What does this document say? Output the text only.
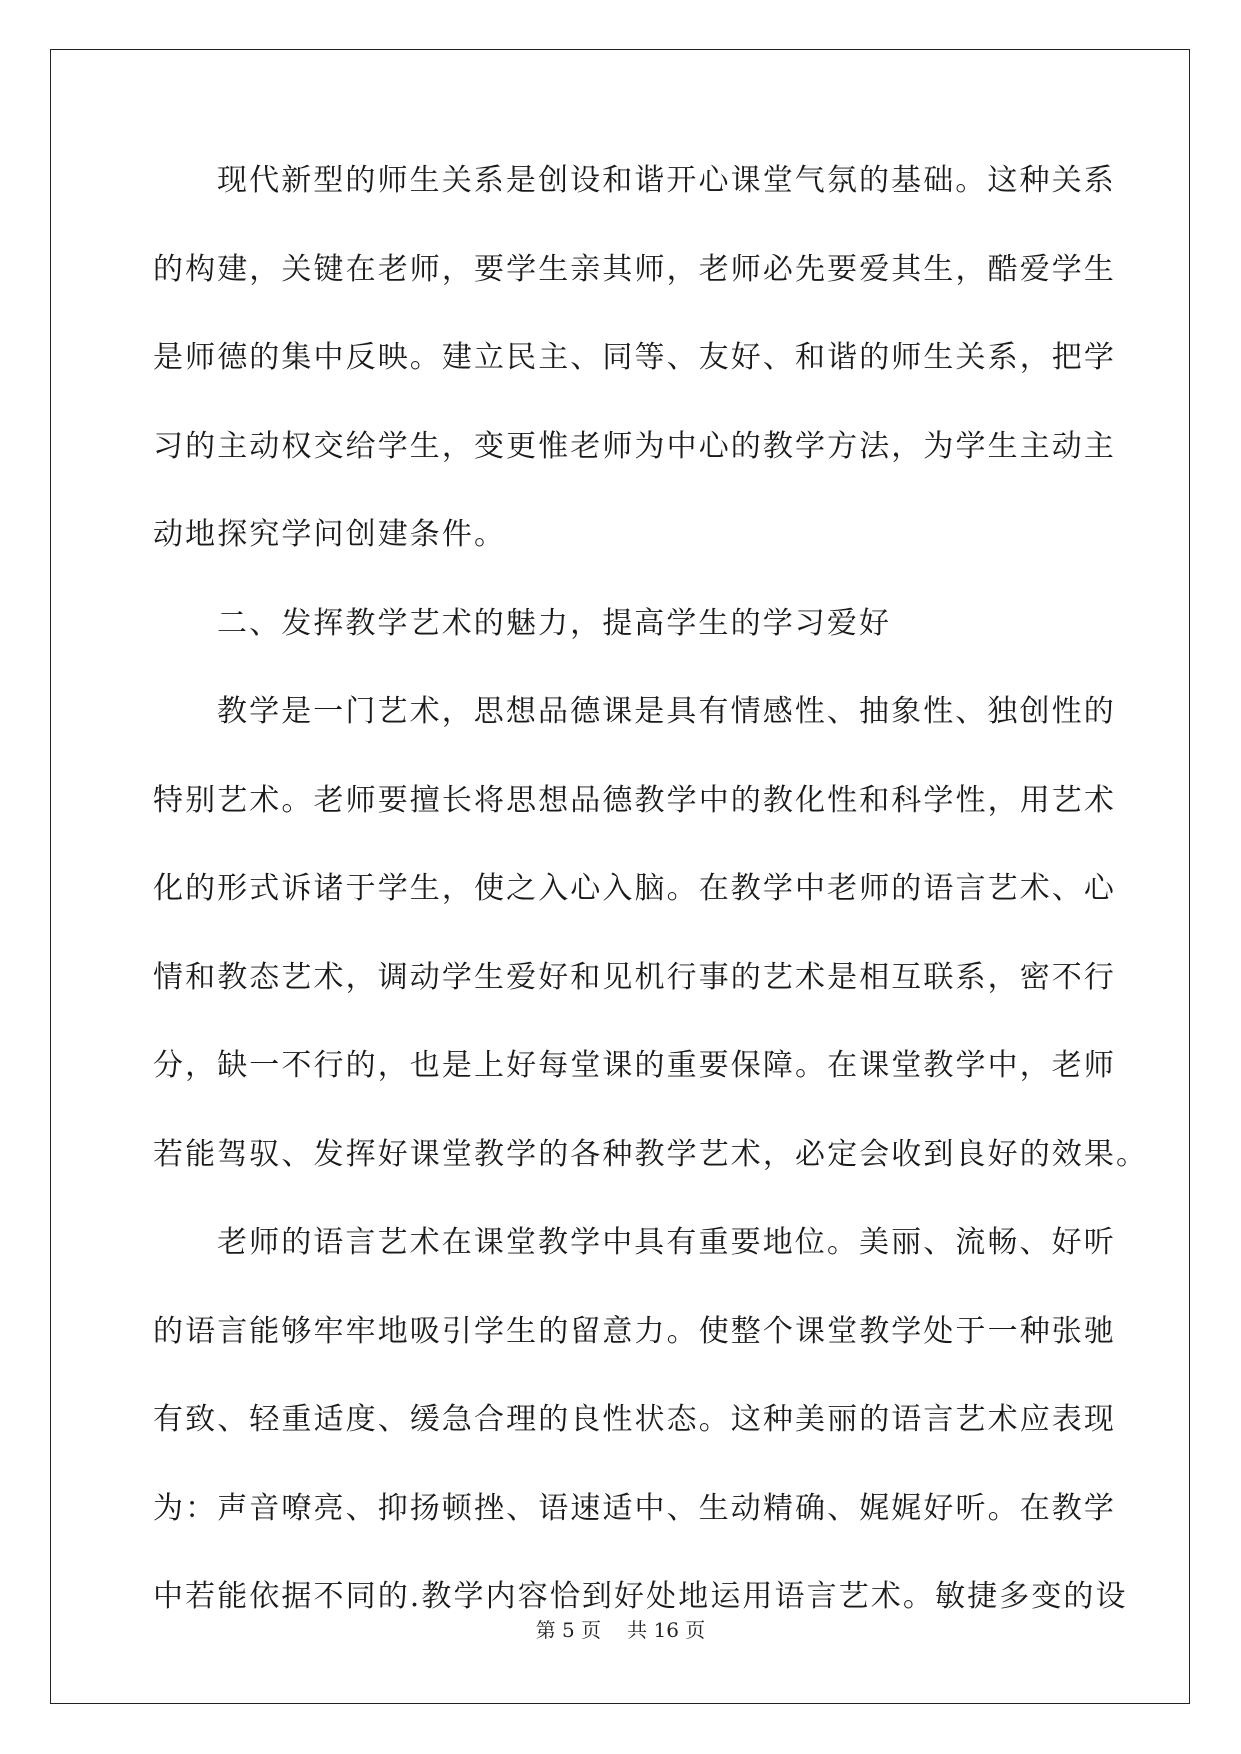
现代新型的师生关系是创设和谐开心课堂气氛的基础。这种关系
的构建，关键在老师，要学生亲其师，老师必先要爱其生，酷爱学生
是师德的集中反映。建立民主、同等、友好、和谐的师生关系，把学
习的主动权交给学生，变更惟老师为中心的教学方法，为学生主动主
动地探究学问创建条件。
二、发挥教学艺术的魅力，提高学生的学习爱好
教学是一门艺术，思想品德课是具有情感性、抽象性、独创性的
特别艺术。老师要擅长将思想品德教学中的教化性和科学性，用艺术
化的形式诉诸于学生，使之入心入脑。在教学中老师的语言艺术、心
情和教态艺术，调动学生爱好和见机行事的艺术是相互联系，密不行
分，缺一不行的，也是上好每堂课的重要保障。在课堂教学中，老师
若能驾驭、发挥好课堂教学的各种教学艺术，必定会收到良好的效果。
老师的语言艺术在课堂教学中具有重要地位。美丽、流畅、好听
的语言能够牢牢地吸引学生的留意力。使整个课堂教学处于一种张驰
有致、轻重适度、缓急合理的良性状态。这种美丽的语言艺术应表现
为：声音嘹亮、抑扬顿挫、语速适中、生动精确、娓娓好听。在教学
中若能依据不同的.教学内容恰到好处地运用语言艺术。敏捷多变的设
第 5 页 共 16 页
